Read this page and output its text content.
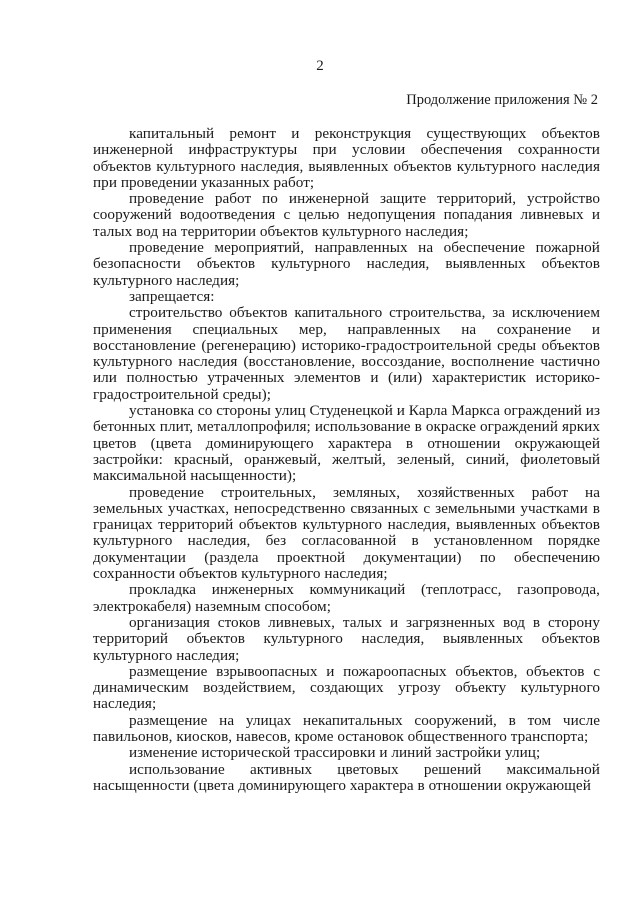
2
Продолжение приложения № 2

капитальный ремонт и реконструкция существующих объектов инженерной инфраструктуры при условии обеспечения сохранности объектов культурного наследия, выявленных объектов культурного наследия при проведении указанных работ;

проведение работ по инженерной защите территорий, устройство сооружений водоотведения с целью недопущения попадания ливневых и талых вод на территории объектов культурного наследия;

проведение мероприятий, направленных на обеспечение пожарной безопасности объектов культурного наследия, выявленных объектов культурного наследия;

запрещается:

строительство объектов капитального строительства, за исключением применения специальных мер, направленных на сохранение и восстановление (регенерацию) историко-градостроительной среды объектов культурного наследия (восстановление, воссоздание, восполнение частично или полностью утраченных элементов и (или) характеристик историко-градостроительной среды);

установка со стороны улиц Студенецкой и Карла Маркса ограждений из бетонных плит, металлопрофиля; использование в окраске ограждений ярких цветов (цвета доминирующего характера в отношении окружающей застройки: красный, оранжевый, желтый, зеленый, синий, фиолетовый максимальной насыщенности);

проведение строительных, земляных, хозяйственных работ на земельных участках, непосредственно связанных с земельными участками в границах территорий объектов культурного наследия, выявленных объектов культурного наследия, без согласованной в установленном порядке документации (раздела проектной документации) по обеспечению сохранности объектов культурного наследия;

прокладка инженерных коммуникаций (теплотрасс, газопровода, электрокабеля) наземным способом;

организация стоков ливневых, талых и загрязненных вод в сторону территорий объектов культурного наследия, выявленных объектов культурного наследия;

размещение взрывоопасных и пожароопасных объектов, объектов с динамическим воздействием, создающих угрозу объекту культурного наследия;

размещение на улицах некапитальных сооружений, в том числе павильонов, киосков, навесов, кроме остановок общественного транспорта;

изменение исторической трассировки и линий застройки улиц;

использование активных цветовых решений максимальной насыщенности (цвета доминирующего характера в отношении окружающей
